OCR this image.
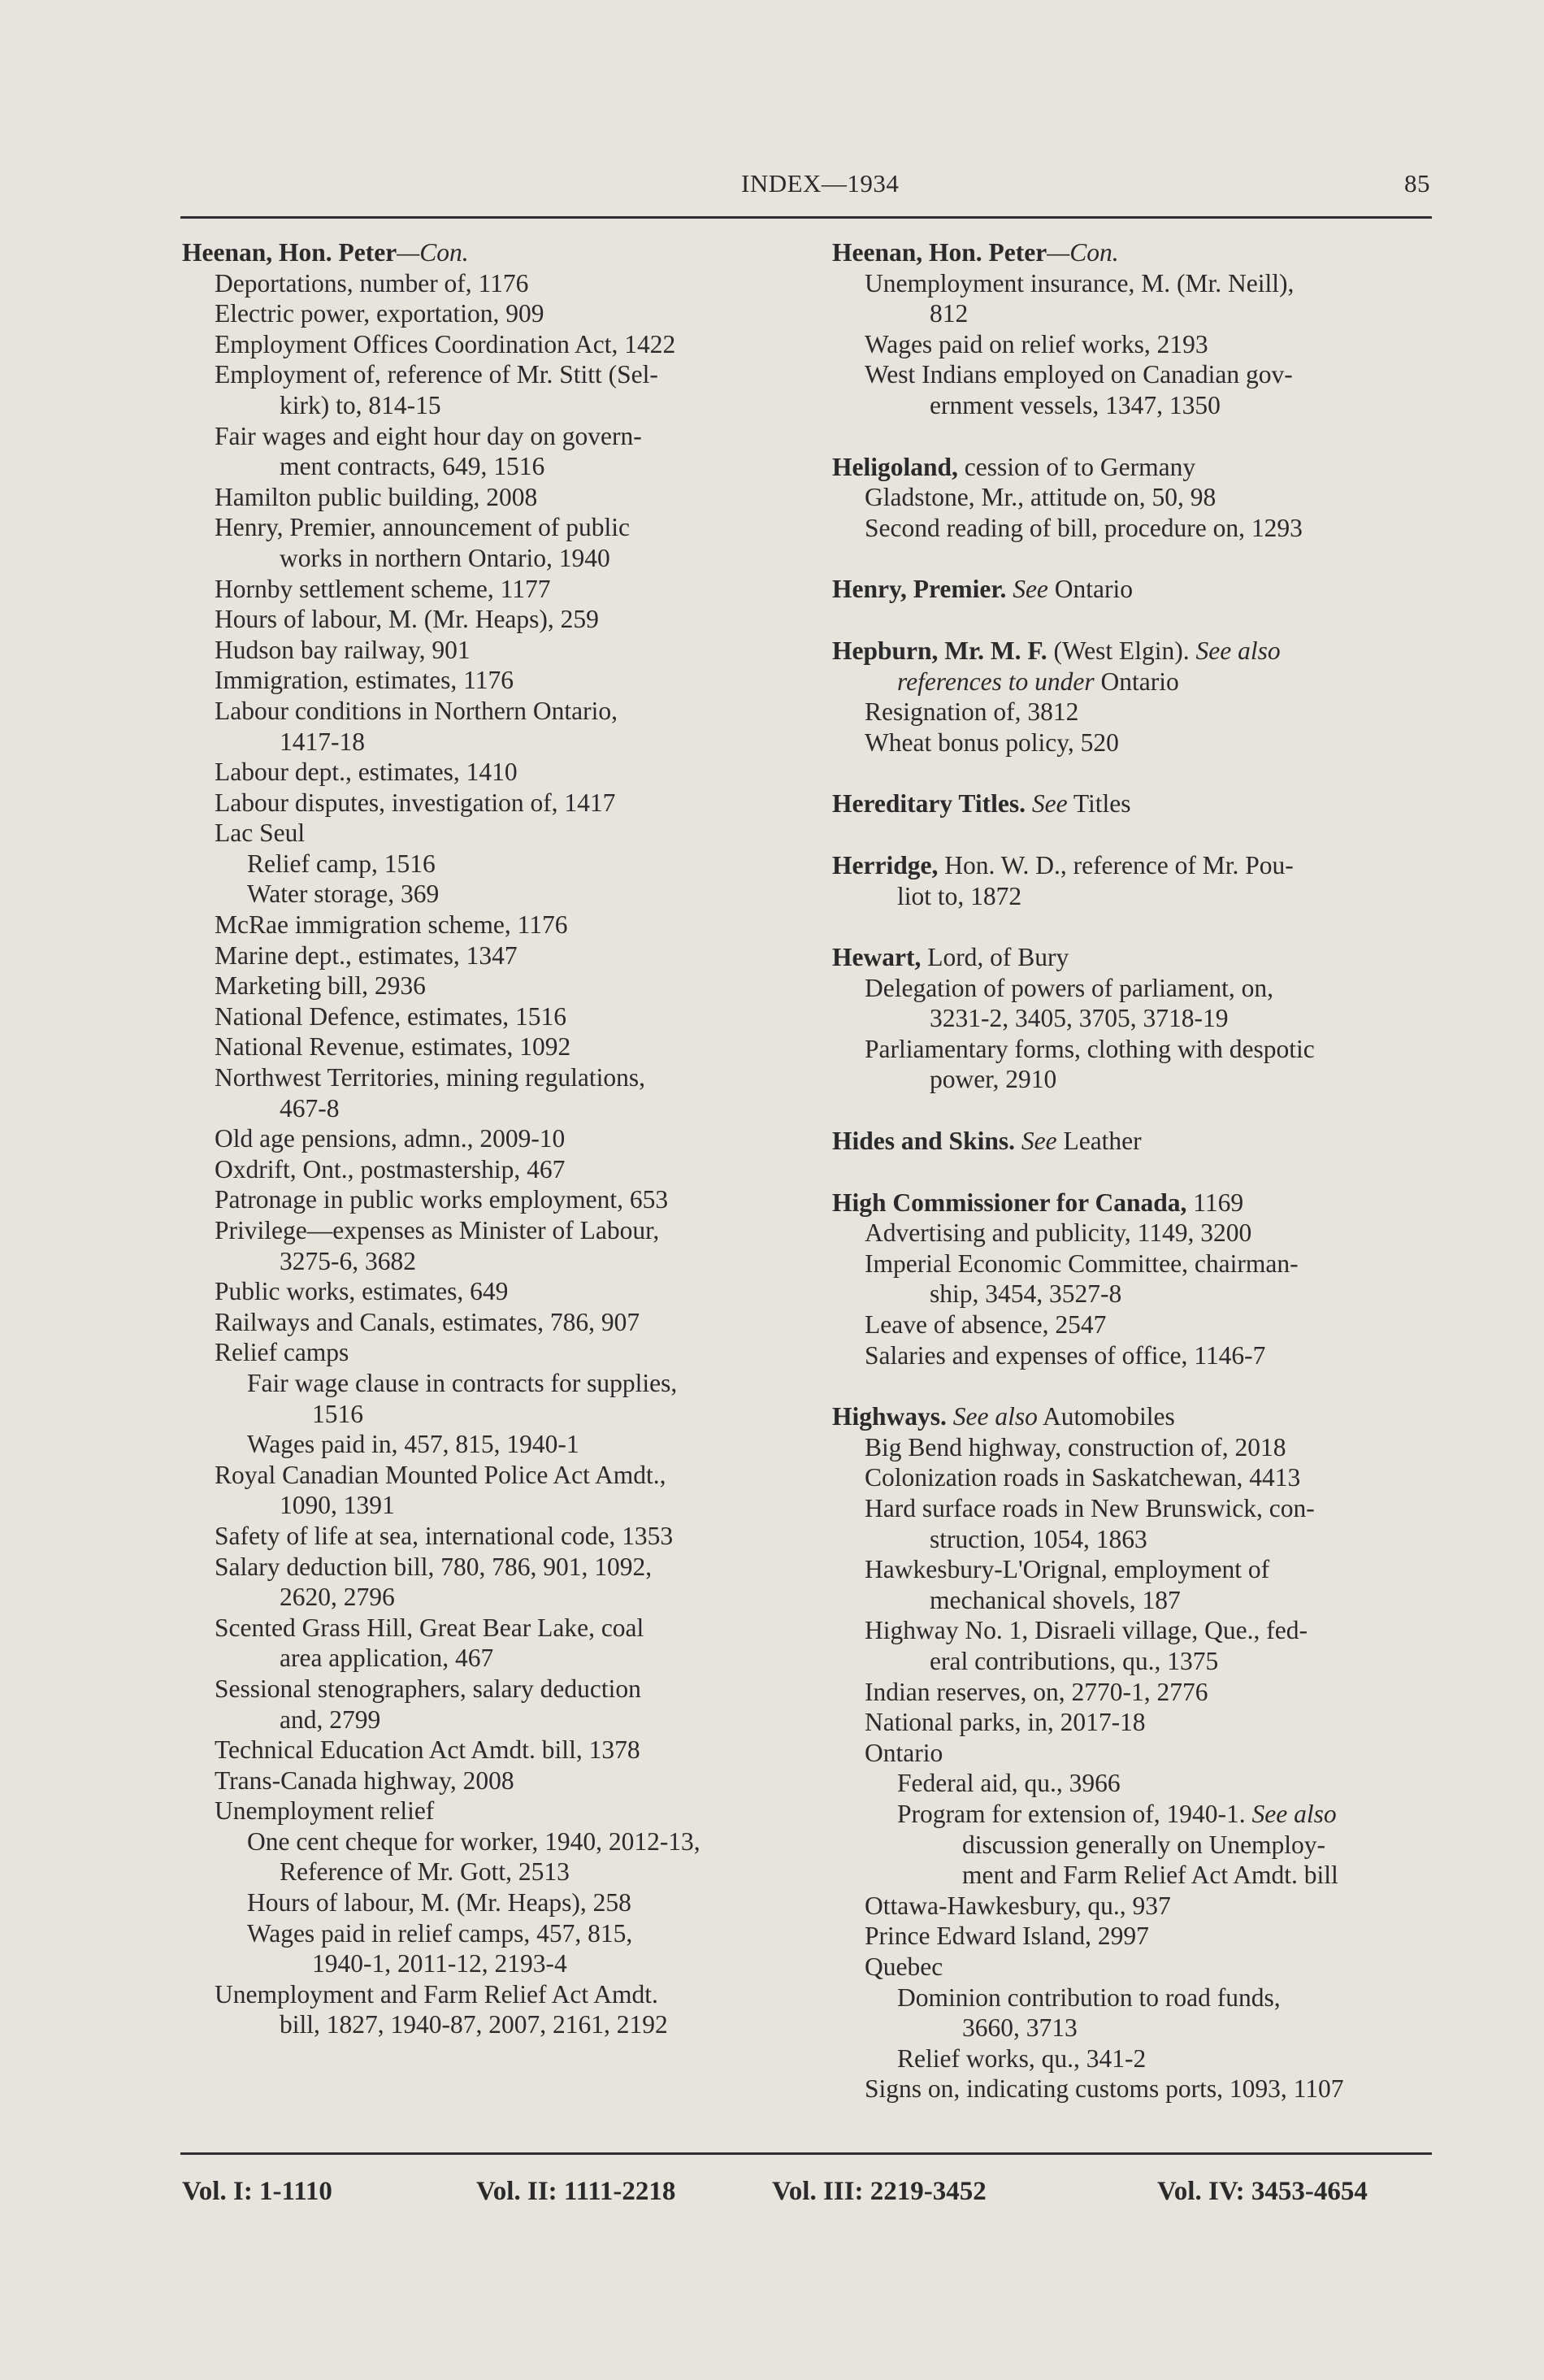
INDEX—1934	85
Heenan, Hon. Peter—Con.
Deportations, number of, 1176
Electric power, exportation, 909
Employment Offices Coordination Act, 1422
Employment of, reference of Mr. Stitt (Sel-
kirk) to, 814-15
Fair wages and eight hour day on govern-
ment contracts, 649, 1516
Hamilton public building, 2008
Henry, Premier, announcement of public
works in northern Ontario, 1940
Hornby settlement scheme, 1177
Hours of labour, M. (Mr. Heaps), 259
Hudson bay railway, 901
Immigration, estimates, 1176
Labour conditions in Northern Ontario,
1417-18
Labour dept., estimates, 1410
Labour disputes, investigation of, 1417
Lac Seul
Relief camp, 1516
Water storage, 369
McRae immigration scheme, 1176
Marine dept., estimates, 1347
Marketing bill, 2936
National Defence, estimates, 1516
National Revenue, estimates, 1092
Northwest Territories, mining regulations,
467-8
Old age pensions, admn., 2009-10
Oxdrift, Ont., postmastership, 467
Patronage in public works employment, 653
Privilege—expenses as Minister of Labour,
3275-6, 3682
Public works, estimates, 649
Railways and Canals, estimates, 786, 907
Relief camps
Fair wage clause in contracts for supplies,
1516
Wages paid in, 457, 815, 1940-1
Royal Canadian Mounted Police Act Amdt.,
1090, 1391
Safety of life at sea, international code, 1353
Salary deduction bill, 780, 786, 901, 1092,
2620, 2796
Scented Grass Hill, Great Bear Lake, coal
area application, 467
Sessional stenographers, salary deduction
and, 2799
Technical Education Act Amdt. bill, 1378
Trans-Canada highway, 2008
Unemployment relief
One cent cheque for worker, 1940, 2012-13,
Reference of Mr. Gott, 2513
Hours of labour, M. (Mr. Heaps), 258
Wages paid in relief camps, 457, 815,
1940-1, 2011-12, 2193-4
Unemployment and Farm Relief Act Amdt.
bill, 1827, 1940-87, 2007, 2161, 2192
Heenan, Hon. Peter—Con.
Unemployment insurance, M. (Mr. Neill),
812
Wages paid on relief works, 2193
West Indians employed on Canadian gov-
ernment vessels, 1347, 1350
Heligoland, cession of to Germany
Gladstone, Mr., attitude on, 50, 98
Second reading of bill, procedure on, 1293
Henry, Premier. See Ontario
Hepburn, Mr. M. F. (West Elgin). See also
references to under Ontario
Resignation of, 3812
Wheat bonus policy, 520
Hereditary Titles. See Titles
Herridge, Hon. W. D., reference of Mr. Pou-
liot to, 1872
Hewart, Lord, of Bury
Delegation of powers of parliament, on,
3231-2, 3405, 3705, 3718-19
Parliamentary forms, clothing with despotic
power, 2910
Hides and Skins. See Leather
High Commissioner for Canada, 1169
Advertising and publicity, 1149, 3200
Imperial Economic Committee, chairman-
ship, 3454, 3527-8
Leave of absence, 2547
Salaries and expenses of office, 1146-7
Highways. See also Automobiles
Big Bend highway, construction of, 2018
Colonization roads in Saskatchewan, 4413
Hard surface roads in New Brunswick, con-
struction, 1054, 1863
Hawkesbury-L'Orignal, employment of
mechanical shovels, 187
Highway No. 1, Disraeli village, Que., fed-
eral contributions, qu., 1375
Indian reserves, on, 2770-1, 2776
National parks, in, 2017-18
Ontario
Federal aid, qu., 3966
Program for extension of, 1940-1. See also
discussion generally on Unemploy-
ment and Farm Relief Act Amdt. bill
Ottawa-Hawkesbury, qu., 937
Prince Edward Island, 2997
Quebec
Dominion contribution to road funds,
3660, 3713
Relief works, qu., 341-2
Signs on, indicating customs ports, 1093, 1107
Vol. I: 1-1110	Vol. II: 1111-2218	Vol. III: 2219-3452	Vol. IV: 3453-4654
